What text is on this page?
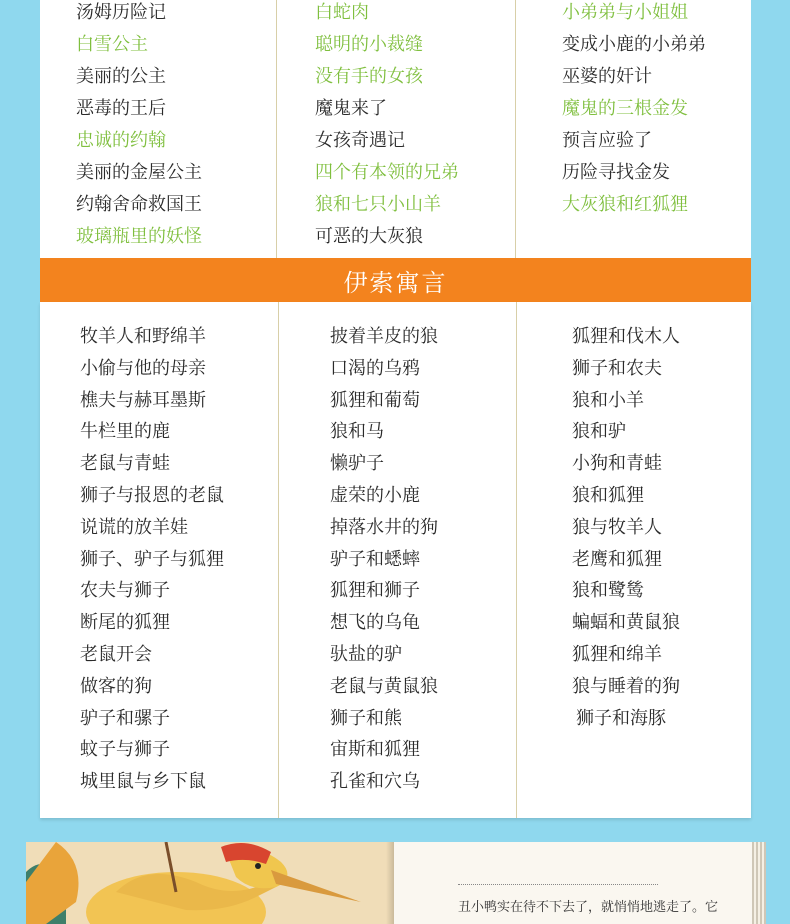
汤姆历险记
白雪公主
美丽的公主
恶毒的王后
忠诚的约翰
美丽的金屋公主
约翰舍命救国王
玻璃瓶里的妖怪
白蛇肉
聪明的小裁缝
没有手的女孩
魔鬼来了
女孩奇遇记
四个有本领的兄弟
狼和七只小山羊
可恶的大灰狼
小弟弟与小姐姐
变成小鹿的小弟弟
巫婆的奸计
魔鬼的三根金发
预言应验了
历险寻找金发
大灰狼和红狐狸
伊索寓言
牧羊人和野绵羊
小偷与他的母亲
樵夫与赫耳墨斯
牛栏里的鹿
老鼠与青蛙
狮子与报恩的老鼠
说谎的放羊娃
狮子、驴子与狐狸
农夫与狮子
断尾的狐狸
老鼠开会
做客的狗
驴子和骡子
蚊子与狮子
城里鼠与乡下鼠
披着羊皮的狼
口渴的乌鸦
狐狸和葡萄
狼和马
懒驴子
虚荣的小鹿
掉落水井的狗
驴子和蟋蟀
狐狸和狮子
想飞的乌龟
驮盐的驴
老鼠与黄鼠狼
狮子和熊
宙斯和狐狸
孔雀和穴乌
狐狸和伐木人
狮子和农夫
狼和小羊
狼和驴
小狗和青蛙
狼和狐狸
狼与牧羊人
老鹰和狐狸
狼和鹭鸶
蝙蝠和黄鼠狼
狐狸和绵羊
狼与睡着的狗
狮子和海豚
丑小鸭实在待不下去了，就悄悄地逃走了。它
